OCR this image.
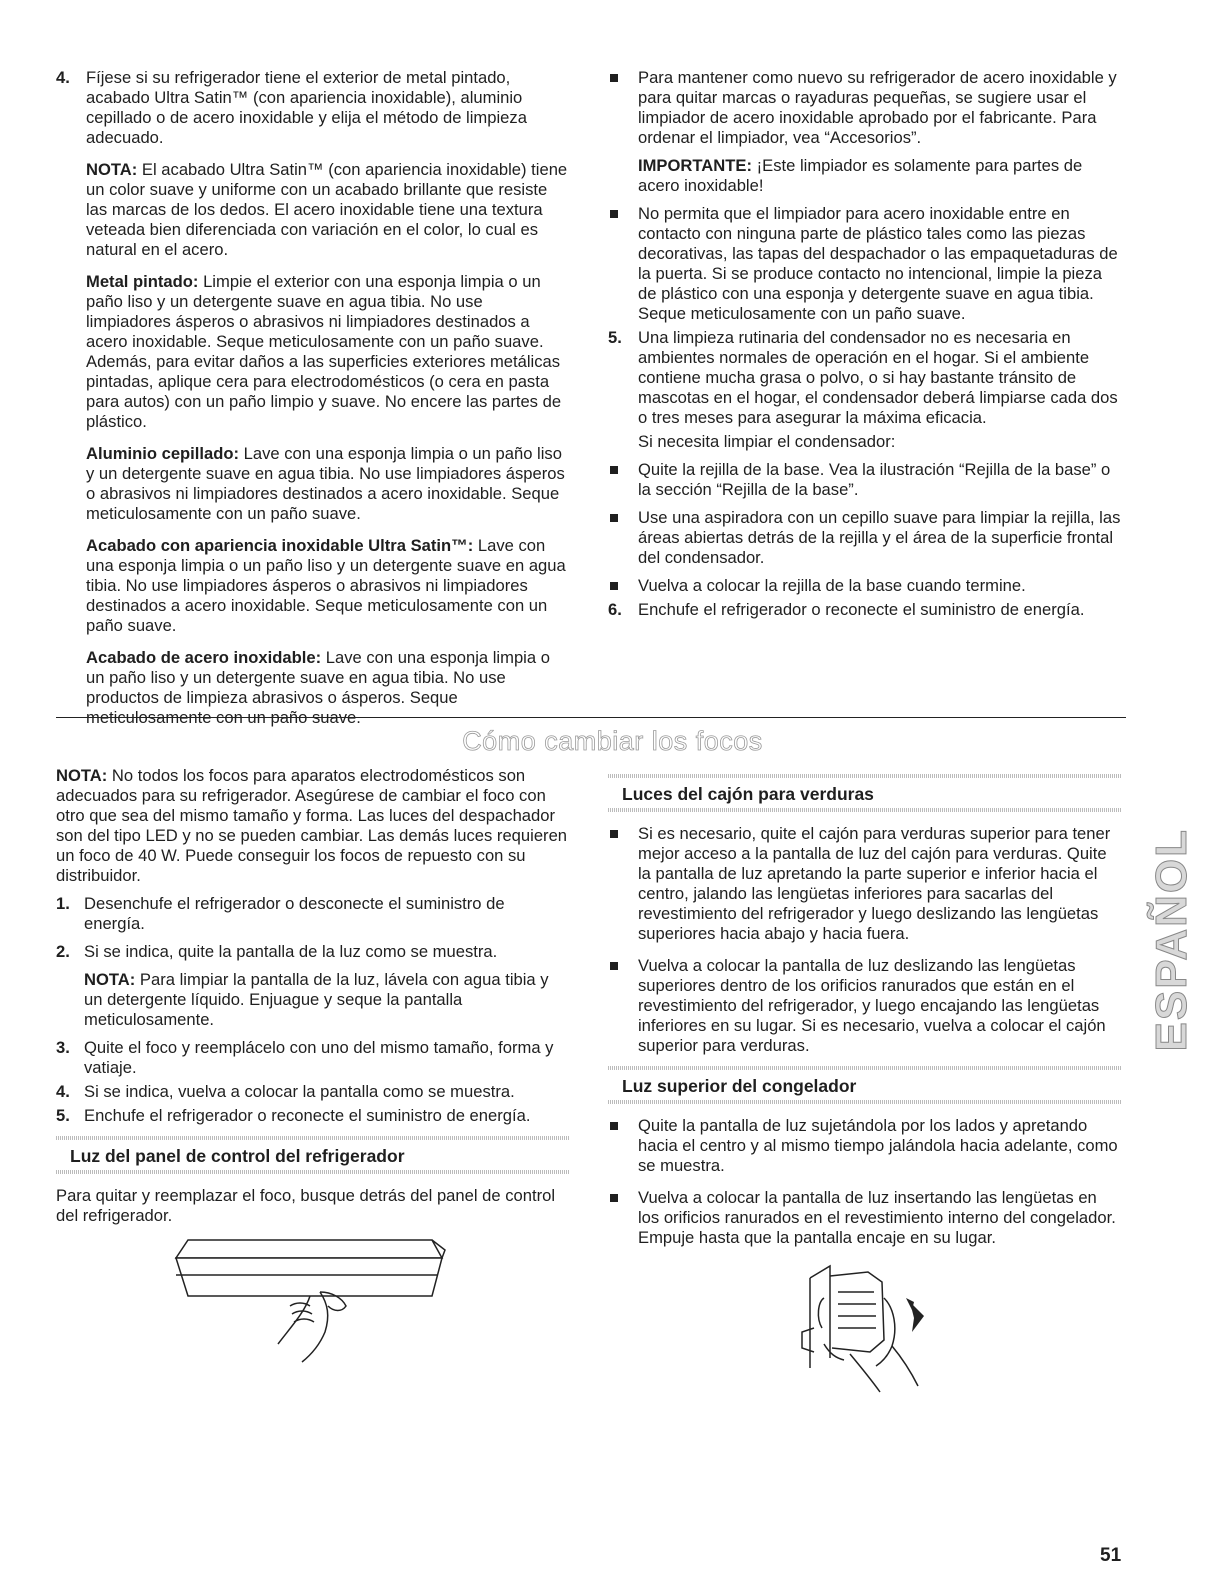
4. Fíjese si su refrigerador tiene el exterior de metal pintado, acabado Ultra Satin™ (con apariencia inoxidable), aluminio cepillado o de acero inoxidable y elija el método de limpieza adecuado.

NOTA: El acabado Ultra Satin™ (con apariencia inoxidable) tiene un color suave y uniforme con un acabado brillante que resiste las marcas de los dedos. El acero inoxidable tiene una textura veteada bien diferenciada con variación en el color, lo cual es natural en el acero.

Metal pintado: Limpie el exterior con una esponja limpia o un paño liso y un detergente suave en agua tibia. No use limpiadores ásperos o abrasivos ni limpiadores destinados a acero inoxidable. Seque meticulosamente con un paño suave. Además, para evitar daños a las superficies exteriores metálicas pintadas, aplique cera para electrodomésticos (o cera en pasta para autos) con un paño limpio y suave. No encere las partes de plástico.

Aluminio cepillado: Lave con una esponja limpia o un paño liso y un detergente suave en agua tibia. No use limpiadores ásperos o abrasivos ni limpiadores destinados a acero inoxidable. Seque meticulosamente con un paño suave.

Acabado con apariencia inoxidable Ultra Satin™: Lave con una esponja limpia o un paño liso y un detergente suave en agua tibia. No use limpiadores ásperos o abrasivos ni limpiadores destinados a acero inoxidable. Seque meticulosamente con un paño suave.

Acabado de acero inoxidable: Lave con una esponja limpia o un paño liso y un detergente suave en agua tibia. No use productos de limpieza abrasivos o ásperos. Seque meticulosamente con un paño suave.

Para mantener como nuevo su refrigerador de acero inoxidable y para quitar marcas o rayaduras pequeñas, se sugiere usar el limpiador de acero inoxidable aprobado por el fabricante. Para ordenar el limpiador, vea “Accesorios”.

IMPORTANTE: ¡Este limpiador es solamente para partes de acero inoxidable!

No permita que el limpiador para acero inoxidable entre en contacto con ninguna parte de plástico tales como las piezas decorativas, las tapas del despachador o las empaquetaduras de la puerta. Si se produce contacto no intencional, limpie la pieza de plástico con una esponja y detergente suave en agua tibia. Seque meticulosamente con un paño suave.

5. Una limpieza rutinaria del condensador no es necesaria en ambientes normales de operación en el hogar. Si el ambiente contiene mucha grasa o polvo, o si hay bastante tránsito de mascotas en el hogar, el condensador deberá limpiarse cada dos o tres meses para asegurar la máxima eficacia.

Si necesita limpiar el condensador:

Quite la rejilla de la base. Vea la ilustración “Rejilla de la base” o la sección “Rejilla de la base”.

Use una aspiradora con un cepillo suave para limpiar la rejilla, las áreas abiertas detrás de la rejilla y el área de la superficie frontal del condensador.

Vuelva a colocar la rejilla de la base cuando termine.

6. Enchufe el refrigerador o reconecte el suministro de energía.

Cómo cambiar los focos

NOTA: No todos los focos para aparatos electrodomésticos son adecuados para su refrigerador. Asegúrese de cambiar el foco con otro que sea del mismo tamaño y forma. Las luces del despachador son del tipo LED y no se pueden cambiar. Las demás luces requieren un foco de 40 W. Puede conseguir los focos de repuesto con su distribuidor.

1. Desenchufe el refrigerador o desconecte el suministro de energía.

2. Si se indica, quite la pantalla de la luz como se muestra.

NOTA: Para limpiar la pantalla de la luz, lávela con agua tibia y un detergente líquido. Enjuague y seque la pantalla meticulosamente.

3. Quite el foco y reemplácelo con uno del mismo tamaño, forma y vatiaje.

4. Si se indica, vuelva a colocar la pantalla como se muestra.

5. Enchufe el refrigerador o reconecte el suministro de energía.

Luz del panel de control del refrigerador

Para quitar y reemplazar el foco, busque detrás del panel de control del refrigerador.

Luces del cajón para verduras

Si es necesario, quite el cajón para verduras superior para tener mejor acceso a la pantalla de luz del cajón para verduras. Quite la pantalla de luz apretando la parte superior e inferior hacia el centro, jalando las lengüetas inferiores para sacarlas del revestimiento del refrigerador y luego deslizando las lengüetas superiores hacia abajo y hacia fuera.

Vuelva a colocar la pantalla de luz deslizando las lengüetas superiores dentro de los orificios ranurados que están en el revestimiento del refrigerador, y luego encajando las lengüetas inferiores en su lugar. Si es necesario, vuelva a colocar el cajón superior para verduras.

Luz superior del congelador

Quite la pantalla de luz sujetándola por los lados y apretando hacia el centro y al mismo tiempo jalándola hacia adelante, como se muestra.

Vuelva a colocar la pantalla de luz insertando las lengüetas en los orificios ranurados en el revestimiento interno del congelador. Empuje hasta que la pantalla encaje en su lugar.

ESPAÑOL
51
